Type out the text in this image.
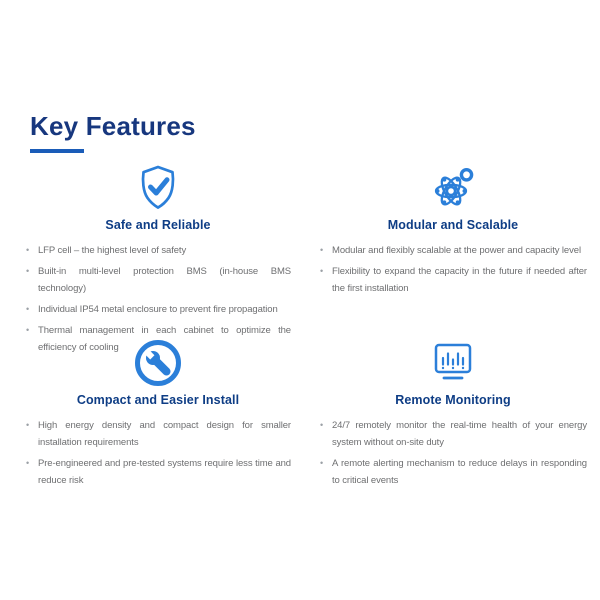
Key Features
Safe and Reliable
• LFP cell – the highest level of safety
• Built-in multi-level protection BMS (in-house BMS technology)
• Individual IP54 metal enclosure to prevent fire propagation
• Thermal management in each cabinet to optimize the efficiency of cooling
Modular and Scalable
• Modular and flexibly scalable at the power and capacity level
• Flexibility to expand the capacity in the future if needed after the first installation
Compact and Easier Install
• High energy density and compact design for smaller installation requirements
• Pre-engineered and pre-tested systems require less time and reduce risk
Remote Monitoring
• 24/7 remotely monitor the real-time health of your energy system without on-site duty
• A remote alerting mechanism to reduce delays in responding to critical events
